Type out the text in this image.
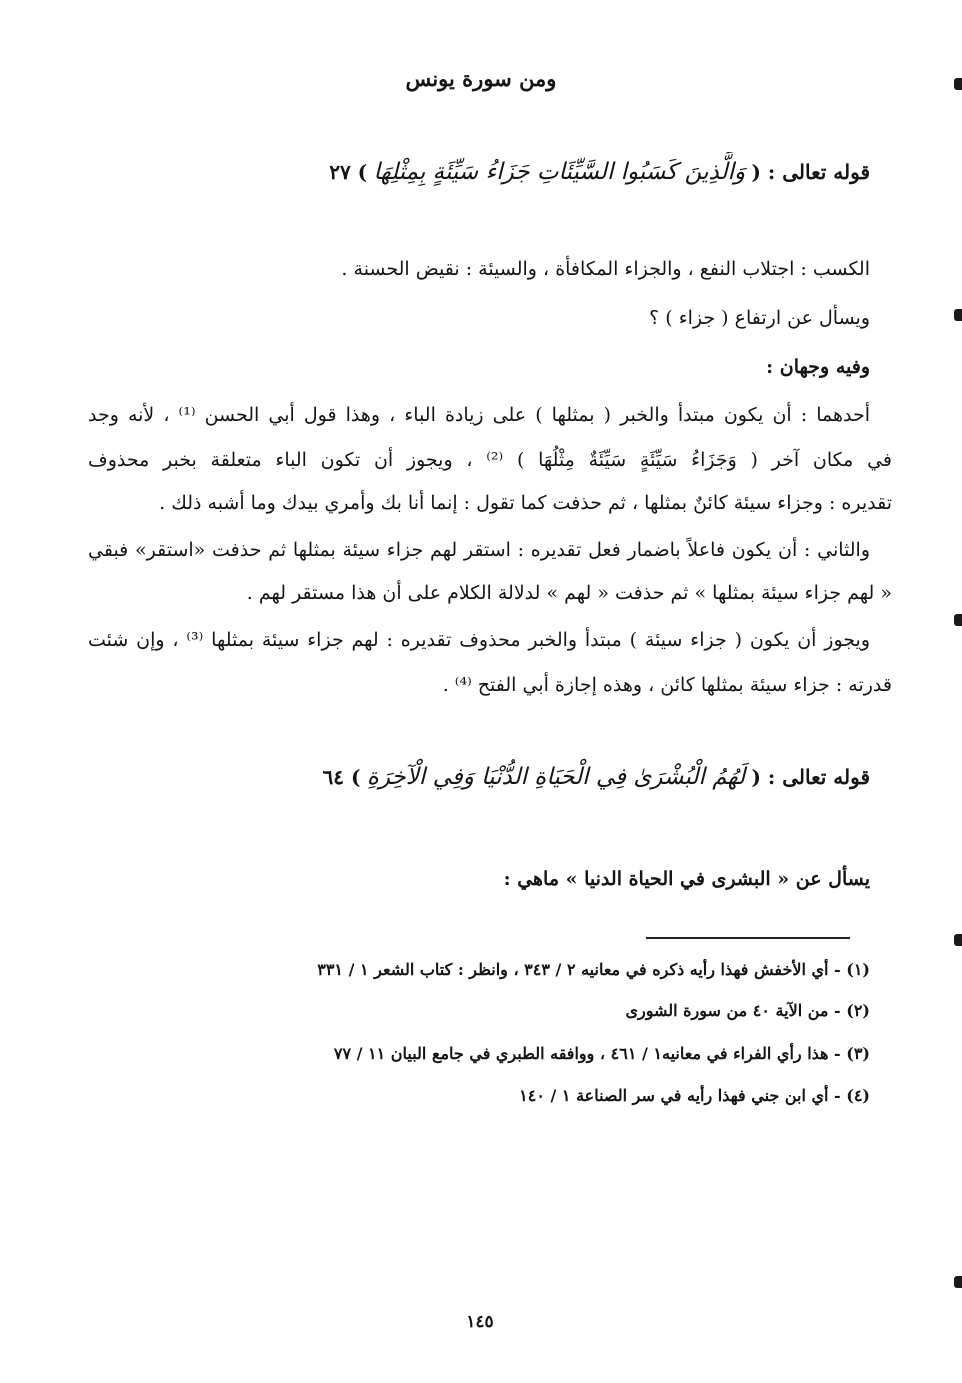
ومن سورة يونس
قوله تعالى : ( وَالَّذِينَ كَسَبُوا السَّيِّئَاتِ جَزَاءُ سَيِّئَةٍ بِمِثْلِهَا ) ٢٧
الكسب : اجتلاب النفع ، والجزاء المكافأة ، والسيئة : نقيض الحسنة .
ويسأل عن ارتفاع ( جزاء ) ؟
وفيه وجهان :
أحدهما : أن يكون مبتدأ والخبر ( بمثلها ) على زيادة الباء ، وهذا قول أبي الحسن ⁽¹⁾ ، لأنه وجد
في مكان آخر ( وَجَزَاءُ سَيِّئَةٍ سَيِّئَةٌ مِثْلُهَا ) ⁽²⁾ ، ويجوز أن تكون الباء متعلقة بخبر محذوف
تقديره : وجزاء سيئة كائنٌ بمثلها ، ثم حذفت كما تقول : إنما أنا بك وأمري بيدك وما أشبه ذلك .
والثاني : أن يكون فاعلاً باضمار فعل تقديره : استقر لهم جزاء سيئة بمثلها ثم حذفت «استقر» فبقي
« لهم جزاء سيئة بمثلها » ثم حذفت « لهم » لدلالة الكلام على أن هذا مستقر لهم .
ويجوز أن يكون ( جزاء سيئة ) مبتدأ والخبر محذوف تقديره : لهم جزاء سيئة بمثلها ⁽³⁾ ، وإن شئت
قدرته : جزاء سيئة بمثلها كائن ، وهذه إجازة أبي الفتح ⁽⁴⁾ .
قوله تعالى : ( لَهُمُ الْبُشْرَىٰ فِي الْحَيَاةِ الدُّنْيَا وَفِي الْآخِرَةِ ) ٦٤
يسأل عن « البشرى في الحياة الدنيا » ماهي :
(١) - أي الأخفش فهذا رأيه ذكره في معانيه ٢ / ٣٤٣ ، وانظر : كتاب الشعر ١ / ٣٣١
(٢) - من الآية ٤٠ من سورة الشورى
(٣) - هذا رأي الفراء في معانيه١ / ٤٦١ ، ووافقه الطبري في جامع البيان ١١ / ٧٧
(٤) - أي ابن جني فهذا رأيه في سر الصناعة ١ / ١٤٠
١٤٥
